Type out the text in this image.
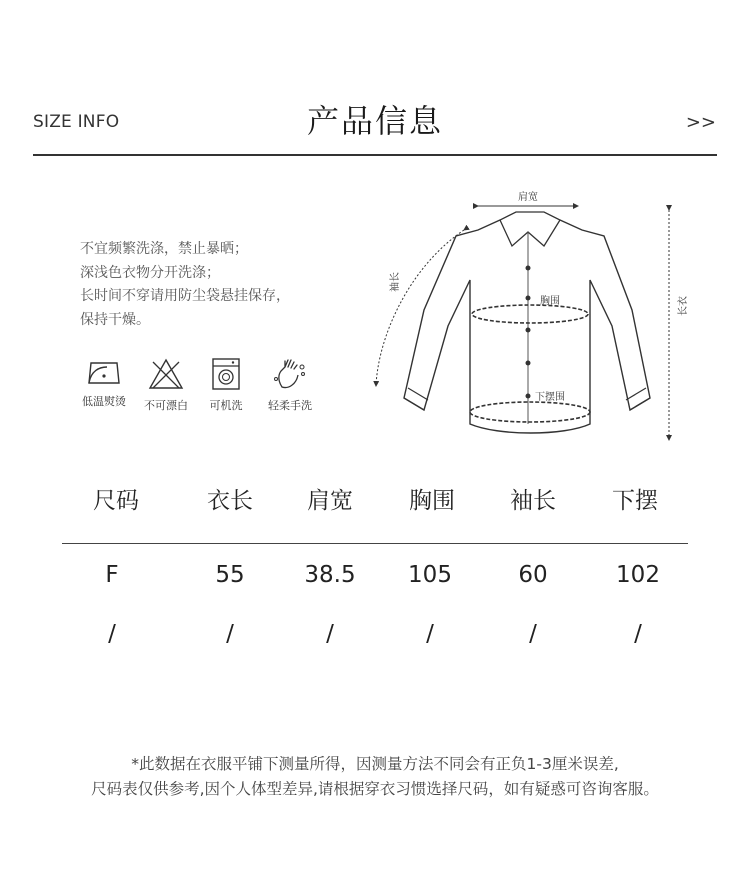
SIZE INFO	产品信息	>>
不宜频繁洗涤，禁止暴晒；
深浅色衣物分开洗涤；
长时间不穿请用防尘袋悬挂保存，
保持干燥。
低温熨烫	不可漂白	可机洗	轻柔手洗
肩宽
胸围
下摆围
袖长
长衣
尺码	衣长	肩宽	胸围	袖长	下摆
F	55	38.5	105	60	102
/	/	/	/	/	/
*此数据在衣服平铺下测量所得，因测量方法不同会有正负1-3厘米误差,
尺码表仅供参考,因个人体型差异,请根据穿衣习惯选择尺码，如有疑惑可咨询客服。
